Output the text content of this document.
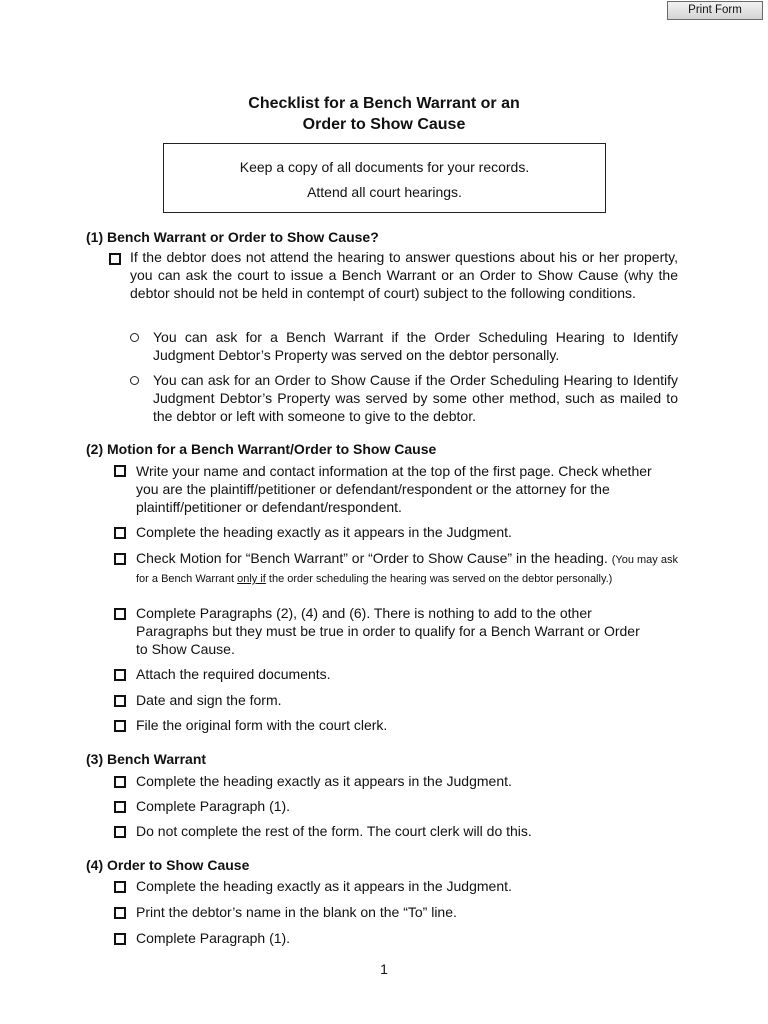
Print Form
Checklist for a Bench Warrant or an
Order to Show Cause
Keep a copy of all documents for your records.
Attend all court hearings.
(1) Bench Warrant or Order to Show Cause?
If the debtor does not attend the hearing to answer questions about his or her property, you can ask the court to issue a Bench Warrant or an Order to Show Cause (why the debtor should not be held in contempt of court) subject to the following conditions.
You can ask for a Bench Warrant if the Order Scheduling Hearing to Identify Judgment Debtor’s Property was served on the debtor personally.
You can ask for an Order to Show Cause if the Order Scheduling Hearing to Identify Judgment Debtor’s Property was served by some other method, such as mailed to the debtor or left with someone to give to the debtor.
(2) Motion for a Bench Warrant/Order to Show Cause
Write your name and contact information at the top of the first page. Check whether you are the plaintiff/petitioner or defendant/respondent or the attorney for the plaintiff/petitioner or defendant/respondent.
Complete the heading exactly as it appears in the Judgment.
Check Motion for “Bench Warrant” or “Order to Show Cause” in the heading. (You may ask for a Bench Warrant only if the order scheduling the hearing was served on the debtor personally.)
Complete Paragraphs (2), (4) and (6). There is nothing to add to the other Paragraphs but they must be true in order to qualify for a Bench Warrant or Order to Show Cause.
Attach the required documents.
Date and sign the form.
File the original form with the court clerk.
(3) Bench Warrant
Complete the heading exactly as it appears in the Judgment.
Complete Paragraph (1).
Do not complete the rest of the form. The court clerk will do this.
(4) Order to Show Cause
Complete the heading exactly as it appears in the Judgment.
Print the debtor’s name in the blank on the “To” line.
Complete Paragraph (1).
1
